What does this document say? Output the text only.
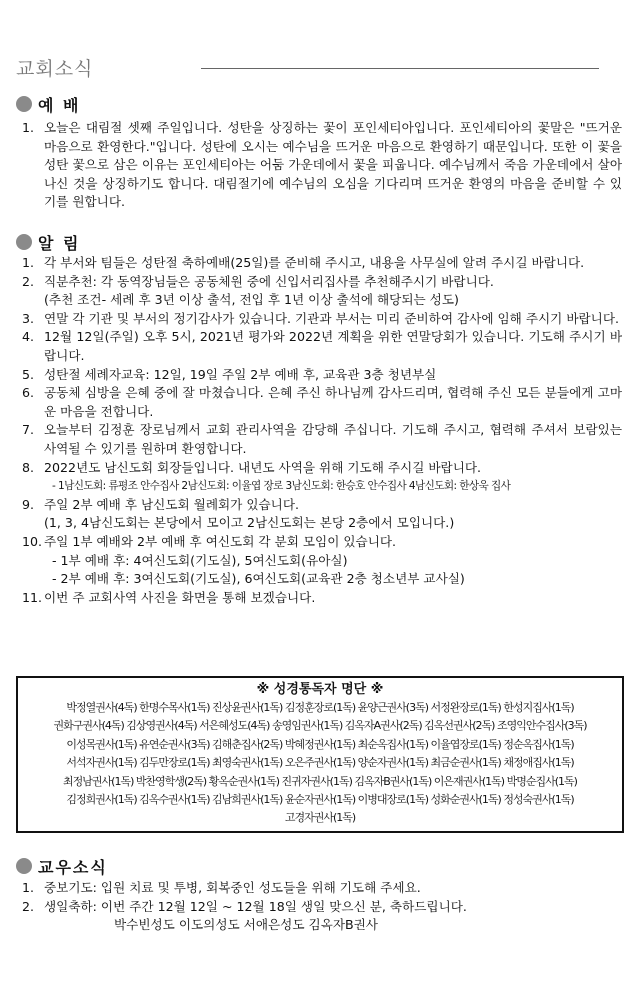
교회소식
예 배
1. 오늘은 대림절 셋째 주일입니다. 성탄을 상징하는 꽃이 포인세티아입니다. 포인세티아의 꽃말은 "뜨거운 마음으로 환영한다."입니다. 성탄에 오시는 예수님을 뜨거운 마음으로 환영하기 때문입니다. 또한 이 꽃을 성탄 꽃으로 삼은 이유는 포인세티아는 어둠 가운데에서 꽃을 피웁니다. 예수님께서 죽음 가운데에서 살아나신 것을 상징하기도 합니다. 대림절기에 예수님의 오심을 기다리며 뜨거운 환영의 마음을 준비할 수 있기를 원합니다.
알 림
1. 각 부서와 팀들은 성탄절 축하예배(25일)를 준비해 주시고, 내용을 사무실에 알려 주시길 바랍니다.
2. 직분추천: 각 동역장님들은 공동체원 중에 신입서리집사를 추천해주시기 바랍니다.
(추천 조건- 세례 후 3년 이상 출석, 전입 후 1년 이상 출석에 해당되는 성도)
3. 연말 각 기관 및 부서의 정기감사가 있습니다. 기관과 부서는 미리 준비하여 감사에 임해 주시기 바랍니다.
4. 12월 12일(주일) 오후 5시, 2021년 평가와 2022년 계획을 위한 연말당회가 있습니다. 기도해 주시기 바랍니다.
5. 성탄절 세례자교육: 12일, 19일 주일 2부 예배 후, 교육관 3층 청년부실
6. 공동체 심방을 은혜 중에 잘 마쳤습니다. 은혜 주신 하나님께 감사드리며, 협력해 주신 모든 분들에게 고마운 마음을 전합니다.
7. 오늘부터 김정훈 장로님께서 교회 관리사역을 감당해 주십니다. 기도해 주시고, 협력해 주셔서 보람있는 사역될 수 있기를 원하며 환영합니다.
8. 2022년도 남신도회 회장들입니다. 내년도 사역을 위해 기도해 주시길 바랍니다.
- 1남신도회: 류평조 안수집사 2남신도회: 이율엽 장로 3남신도회: 한승호 안수집사 4남신도회: 한상욱 집사
9. 주일 2부 예배 후 남신도회 월례회가 있습니다.
(1, 3, 4남신도회는 본당에서 모이고 2남신도회는 본당 2층에서 모입니다.)
10. 주일 1부 예배와 2부 예배 후 여신도회 각 분회 모임이 있습니다.
- 1부 예배 후: 4여신도회(기도실), 5여신도회(유아실)
- 2부 예배 후: 3여신도회(기도실), 6여신도회(교육관 2층 청소년부 교사실)
11. 이번 주 교회사역 사진을 화면을 통해 보겠습니다.
※ 성경통독자 명단 ※
박정열권사(4독) 한명수목사(1독) 진상윤권사(1독) 김정훈장로(1독) 윤양근권사(3독) 서정완장로(1독) 한성지집사(1독)
권화구권사(4독) 김상영권사(4독) 서은혜성도(4독) 송영임권사(1독) 김옥자A권사(2독) 김옥선권사(2독) 조영익안수집사(3독)
이성목권사(1독) 유연순권사(3독) 김해춘집사(2독) 박혜정권사(1독) 최순옥집사(1독) 이율엽장로(1독) 정순옥집사(1독)
서석자권사(1독) 김두만장로(1독) 최영숙권사(1독) 오은주권사(1독) 양순자권사(1독) 최금순권사(1독) 채정애집사(1독)
최정남권사(1독) 박찬영학생(2독) 황옥순권사(1독) 진귀자권사(1독) 김옥자B권사(1독) 이은재권사(1독) 박명순집사(1독)
김정희권사(1독) 김옥수권사(1독) 김남희권사(1독) 윤순자권사(1독) 이병대장로(1독) 성화순권사(1독) 정성숙권사(1독)
고경자권사(1독)
교우소식
1. 중보기도: 입원 치료 및 투병, 회복중인 성도들을 위해 기도해 주세요.
2. 생일축하: 이번 주간 12월 12일 ~ 12월 18일 생일 맞으신 분, 축하드립니다.
박수빈성도 이도의성도 서애은성도 김옥자B권사
